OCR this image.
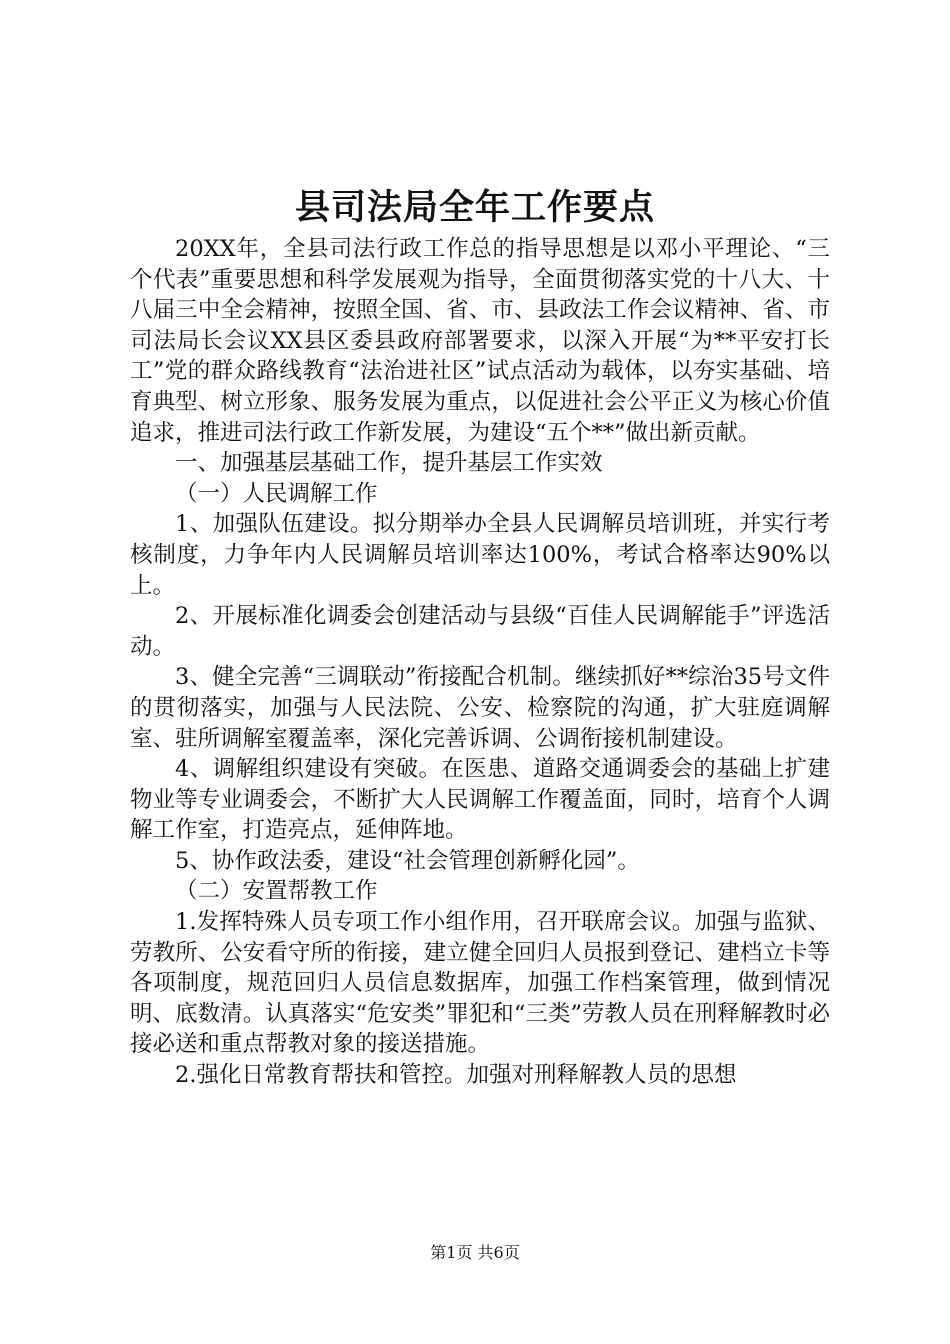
县司法局全年工作要点

20XX年，全县司法行政工作总的指导思想是以邓小平理论、“三个代表”重要思想和科学发展观为指导，全面贯彻落实党的十八大、十八届三中全会精神，按照全国、省、市、县政法工作会议精神、省、市司法局长会议XX县区委县政府部署要求，以深入开展“为**平安打长工”党的群众路线教育“法治进社区”试点活动为载体，以夯实基础、培育典型、树立形象、服务发展为重点，以促进社会公平正义为核心价值追求，推进司法行政工作新发展，为建设“五个**”做出新贡献。

一、加强基层基础工作，提升基层工作实效

（一）人民调解工作

1、加强队伍建设。拟分期举办全县人民调解员培训班，并实行考核制度，力争年内人民调解员培训率达100%，考试合格率达90%以上。

2、开展标准化调委会创建活动与县级“百佳人民调解能手”评选活动。

3、健全完善“三调联动”衔接配合机制。继续抓好**综治35号文件的贯彻落实，加强与人民法院、公安、检察院的沟通，扩大驻庭调解室、驻所调解室覆盖率，深化完善诉调、公调衔接机制建设。

4、调解组织建设有突破。在医患、道路交通调委会的基础上扩建物业等专业调委会，不断扩大人民调解工作覆盖面，同时，培育个人调解工作室，打造亮点，延伸阵地。

5、协作政法委，建设“社会管理创新孵化园”。

（二）安置帮教工作

1.发挥特殊人员专项工作小组作用，召开联席会议。加强与监狱、劳教所、公安看守所的衔接，建立健全回归人员报到登记、建档立卡等各项制度，规范回归人员信息数据库，加强工作档案管理，做到情况明、底数清。认真落实“危安类”罪犯和“三类”劳教人员在刑释解教时必接必送和重点帮教对象的接送措施。

2.强化日常教育帮扶和管控。加强对刑释解教人员的思想

第1页 共6页
